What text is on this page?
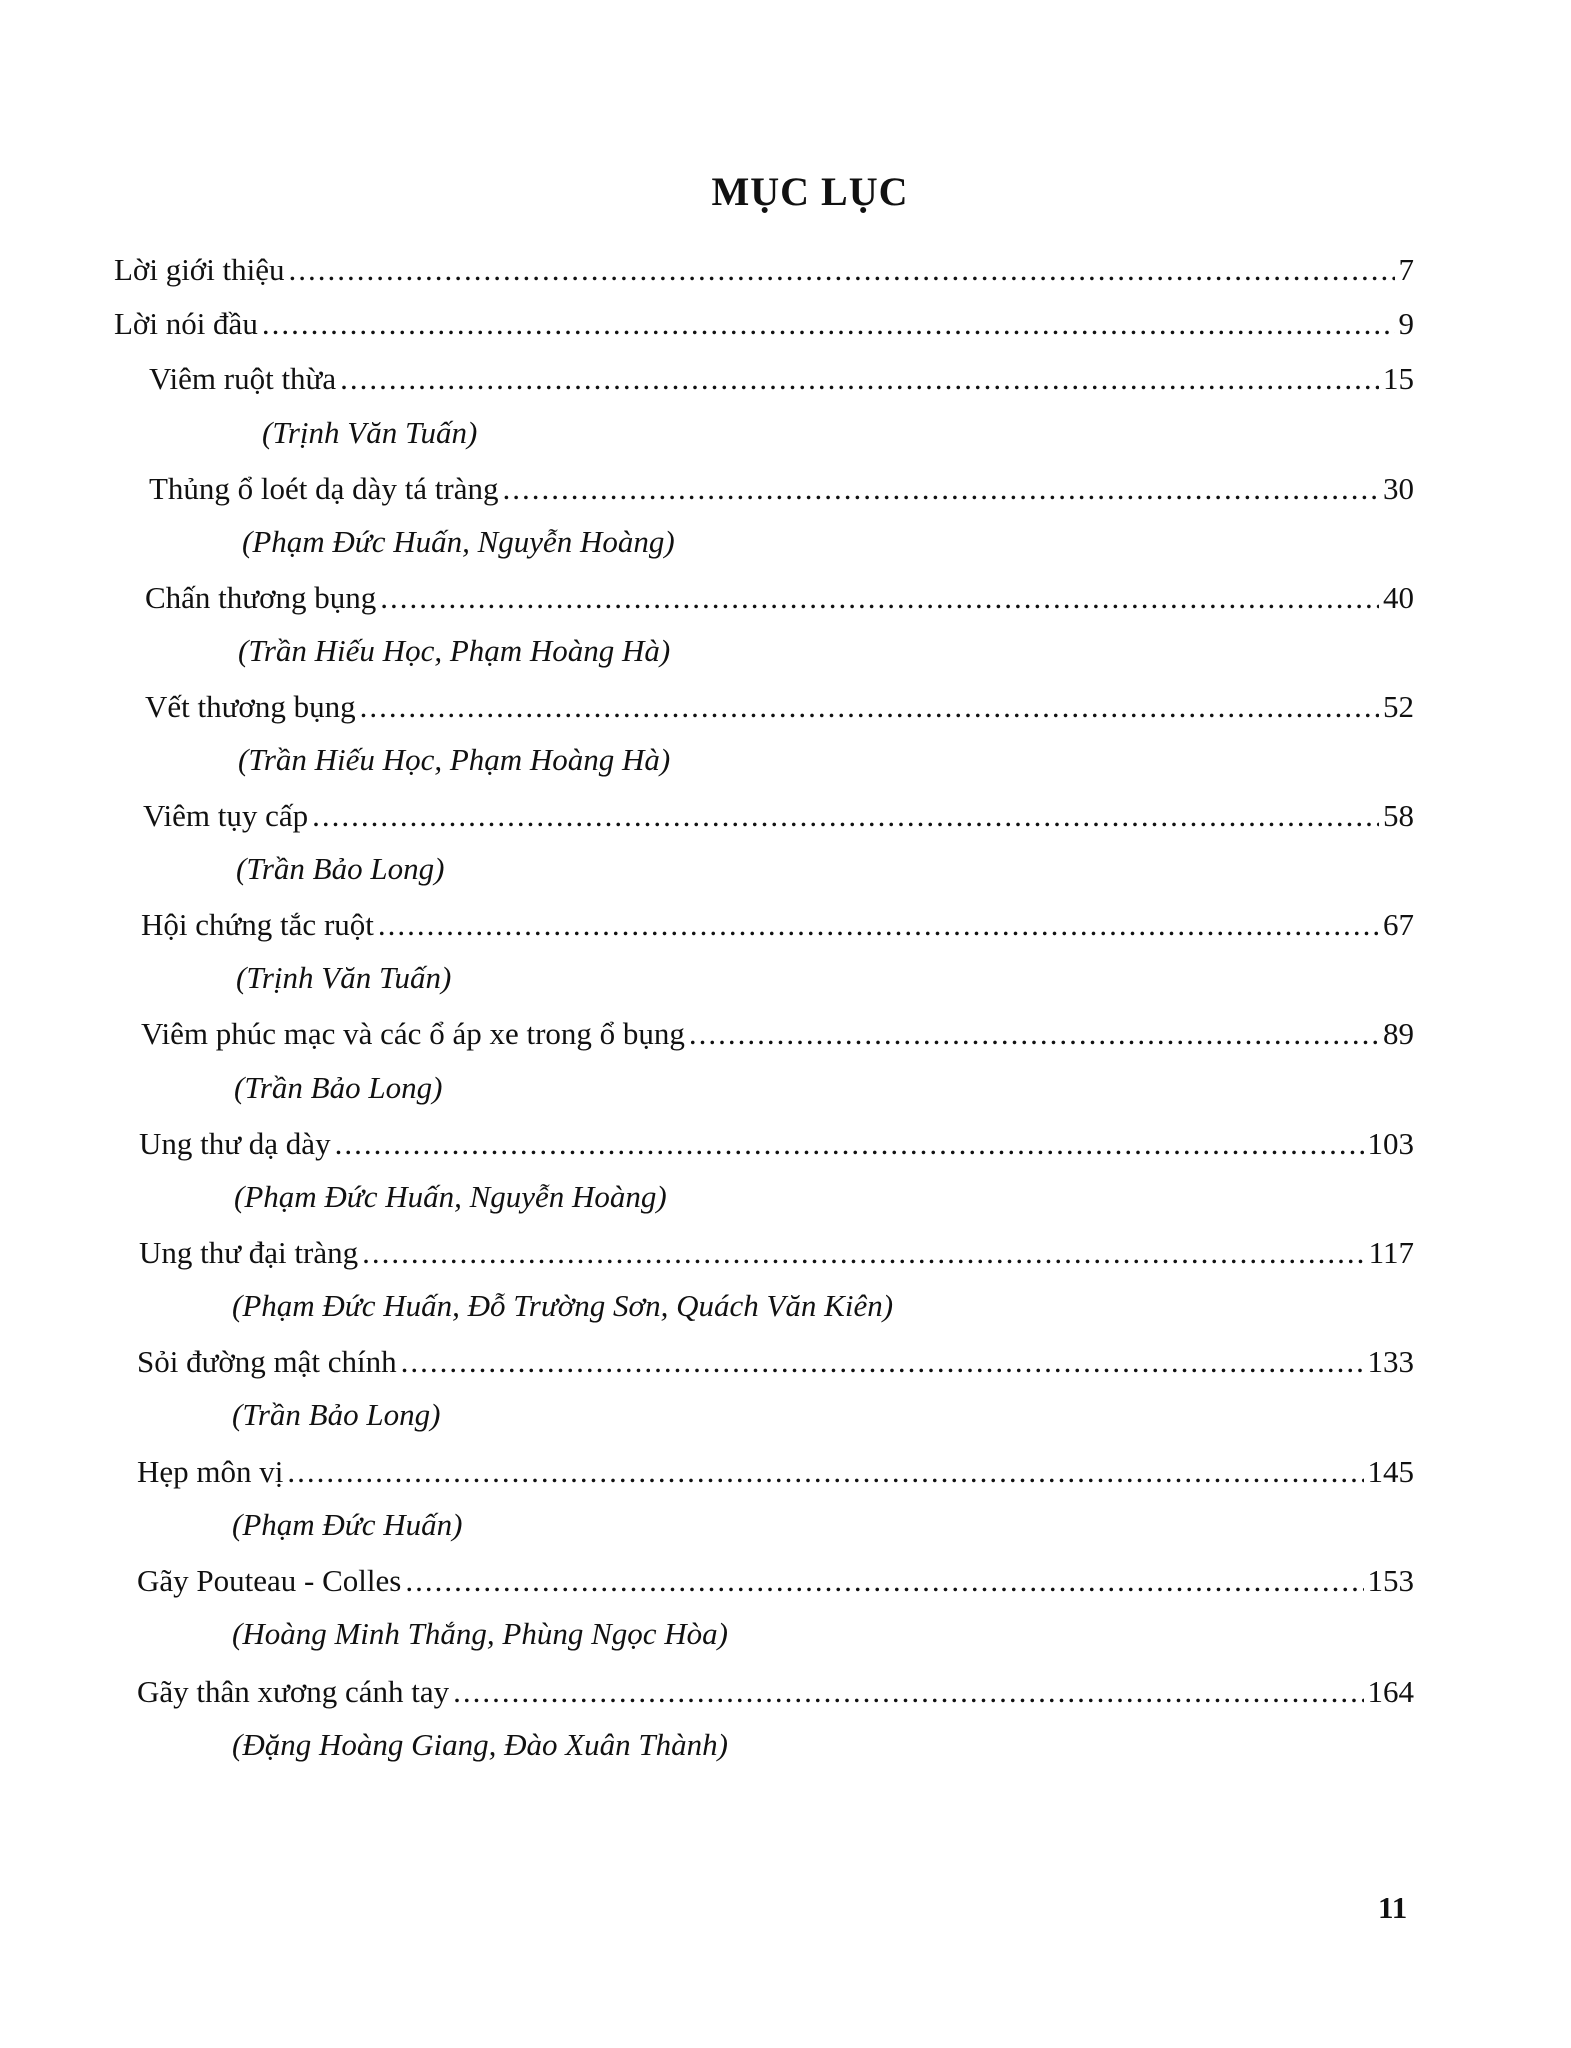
MỤC LỤC
Lời giới thiệu .....	7
Lời nói đầu .....	9
Viêm ruột thừa .....	15
(Trịnh Văn Tuấn)
Thủng ổ loét dạ dày tá tràng .....	30
(Phạm Đức Huấn, Nguyễn Hoàng)
Chấn thương bụng .....	40
(Trần Hiếu Học, Phạm Hoàng Hà)
Vết thương bụng .....	52
(Trần Hiếu Học, Phạm Hoàng Hà)
Viêm tụy cấp .....	58
(Trần Bảo Long)
Hội chứng tắc ruột .....	67
(Trịnh Văn Tuấn)
Viêm phúc mạc và các ổ áp xe trong ổ bụng .....	89
(Trần Bảo Long)
Ung thư dạ dày .....	103
(Phạm Đức Huấn, Nguyễn Hoàng)
Ung thư đại tràng .....	117
(Phạm Đức Huấn, Đỗ Trường Sơn, Quách Văn Kiên)
Sỏi đường mật chính .....	133
(Trần Bảo Long)
Hẹp môn vị .....	145
(Phạm Đức Huấn)
Gãy Pouteau - Colles .....	153
(Hoàng Minh Thắng, Phùng Ngọc Hòa)
Gãy thân xương cánh tay .....	164
(Đặng Hoàng Giang, Đào Xuân Thành)
11
